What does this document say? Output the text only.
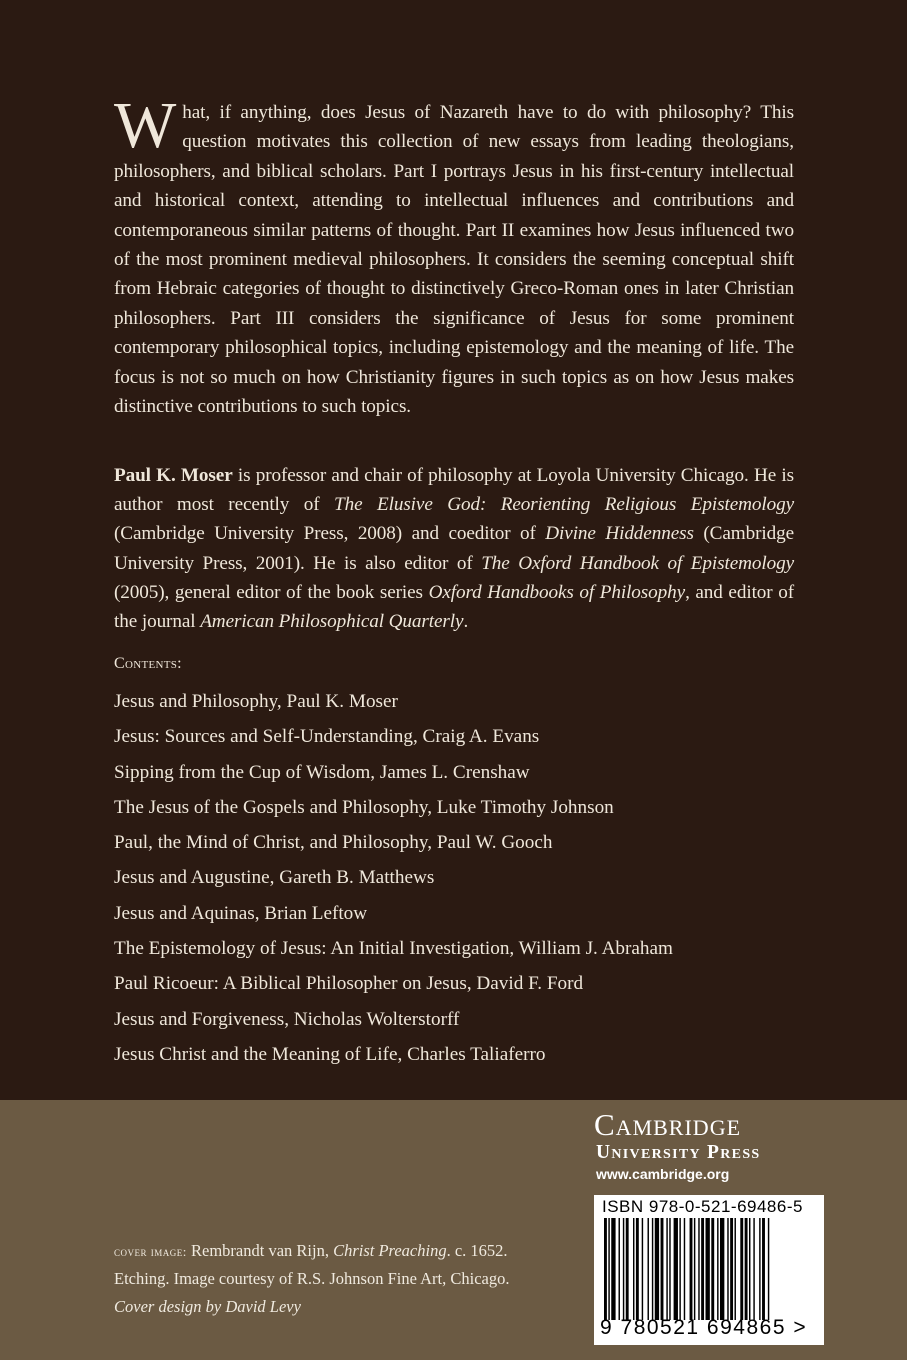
What, if anything, does Jesus of Nazareth have to do with philosophy? This question motivates this collection of new essays from leading theologians, philosophers, and biblical scholars. Part I portrays Jesus in his first-century intellectual and historical context, attending to intellectual influences and contributions and contemporaneous similar patterns of thought. Part II examines how Jesus influenced two of the most prominent medieval philosophers. It considers the seeming conceptual shift from Hebraic categories of thought to distinctively Greco-Roman ones in later Christian philosophers. Part III considers the significance of Jesus for some prominent contemporary philosophical topics, including epistemology and the meaning of life. The focus is not so much on how Christianity figures in such topics as on how Jesus makes distinctive contributions to such topics.
Paul K. Moser is professor and chair of philosophy at Loyola University Chicago. He is author most recently of The Elusive God: Reorienting Religious Epistemology (Cambridge University Press, 2008) and coeditor of Divine Hiddenness (Cambridge University Press, 2001). He is also editor of The Oxford Handbook of Epistemology (2005), general editor of the book series Oxford Handbooks of Philosophy, and editor of the journal American Philosophical Quarterly.
Contents:
Jesus and Philosophy, Paul K. Moser
Jesus: Sources and Self-Understanding, Craig A. Evans
Sipping from the Cup of Wisdom, James L. Crenshaw
The Jesus of the Gospels and Philosophy, Luke Timothy Johnson
Paul, the Mind of Christ, and Philosophy, Paul W. Gooch
Jesus and Augustine, Gareth B. Matthews
Jesus and Aquinas, Brian Leftow
The Epistemology of Jesus: An Initial Investigation, William J. Abraham
Paul Ricoeur: A Biblical Philosopher on Jesus, David F. Ford
Jesus and Forgiveness, Nicholas Wolterstorff
Jesus Christ and the Meaning of Life, Charles Taliaferro
cover image: Rembrandt van Rijn, Christ Preaching. c. 1652.
Etching. Image courtesy of R.S. Johnson Fine Art, Chicago.
Cover design by David Levy
Cambridge
University Press
www.cambridge.org
ISBN 978-0-521-69486-5
9 780521 694865 >
